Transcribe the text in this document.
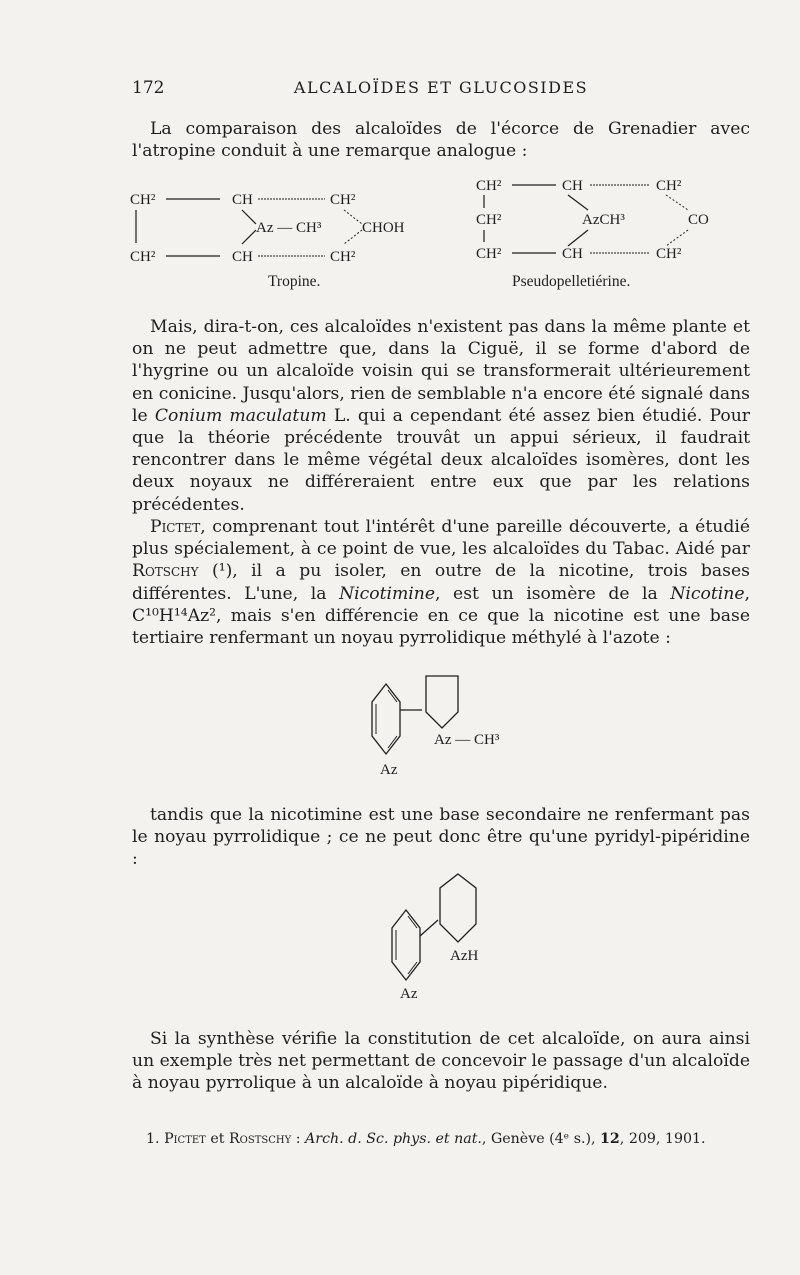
172	ALCALOÏDES ET GLUCOSIDES

La comparaison des alcaloïdes de l'écorce de Grenadier avec l'atropine conduit à une remarque analogue :

CH²	CH	CH²
Az — CH³	CHOH
CH²	CH	CH²
Tropine.
CH²	CH	CH²
CH²	AzCH³	CO
CH²	CH	CH²
Pseudopelletiérine.

Mais, dira-t-on, ces alcaloïdes n'existent pas dans la même plante et on ne peut admettre que, dans la Ciguë, il se forme d'abord de l'hygrine ou un alcaloïde voisin qui se transformerait ultérieurement en conicine. Jusqu'alors, rien de semblable n'a encore été signalé dans le Conium maculatum L. qui a cependant été assez bien étudié. Pour que la théorie précédente trouvât un appui sérieux, il faudrait rencontrer dans le même végétal deux alcaloïdes isomères, dont les deux noyaux ne différeraient entre eux que par les relations précédentes.

Pictet, comprenant tout l'intérêt d'une pareille découverte, a étudié plus spécialement, à ce point de vue, les alcaloïdes du Tabac. Aidé par Rotschy (¹), il a pu isoler, en outre de la nicotine, trois bases différentes. L'une, la Nicotimine, est un isomère de la Nicotine, C¹⁰H¹⁴Az², mais s'en différencie en ce que la nicotine est une base tertiaire renfermant un noyau pyrrolidique méthylé à l'azote :

Az
Az — CH³

tandis que la nicotimine est une base secondaire ne renfermant pas le noyau pyrrolidique ; ce ne peut donc être qu'une pyridyl-pipéridine :

Az
AzH

Si la synthèse vérifie la constitution de cet alcaloïde, on aura ainsi un exemple très net permettant de concevoir le passage d'un alcaloïde à noyau pyrrolique à un alcaloïde à noyau pipéridique.

1. Pictet et Rostschy : Arch. d. Sc. phys. et nat., Genève (4ᵉ s.), 12, 209, 1901.
